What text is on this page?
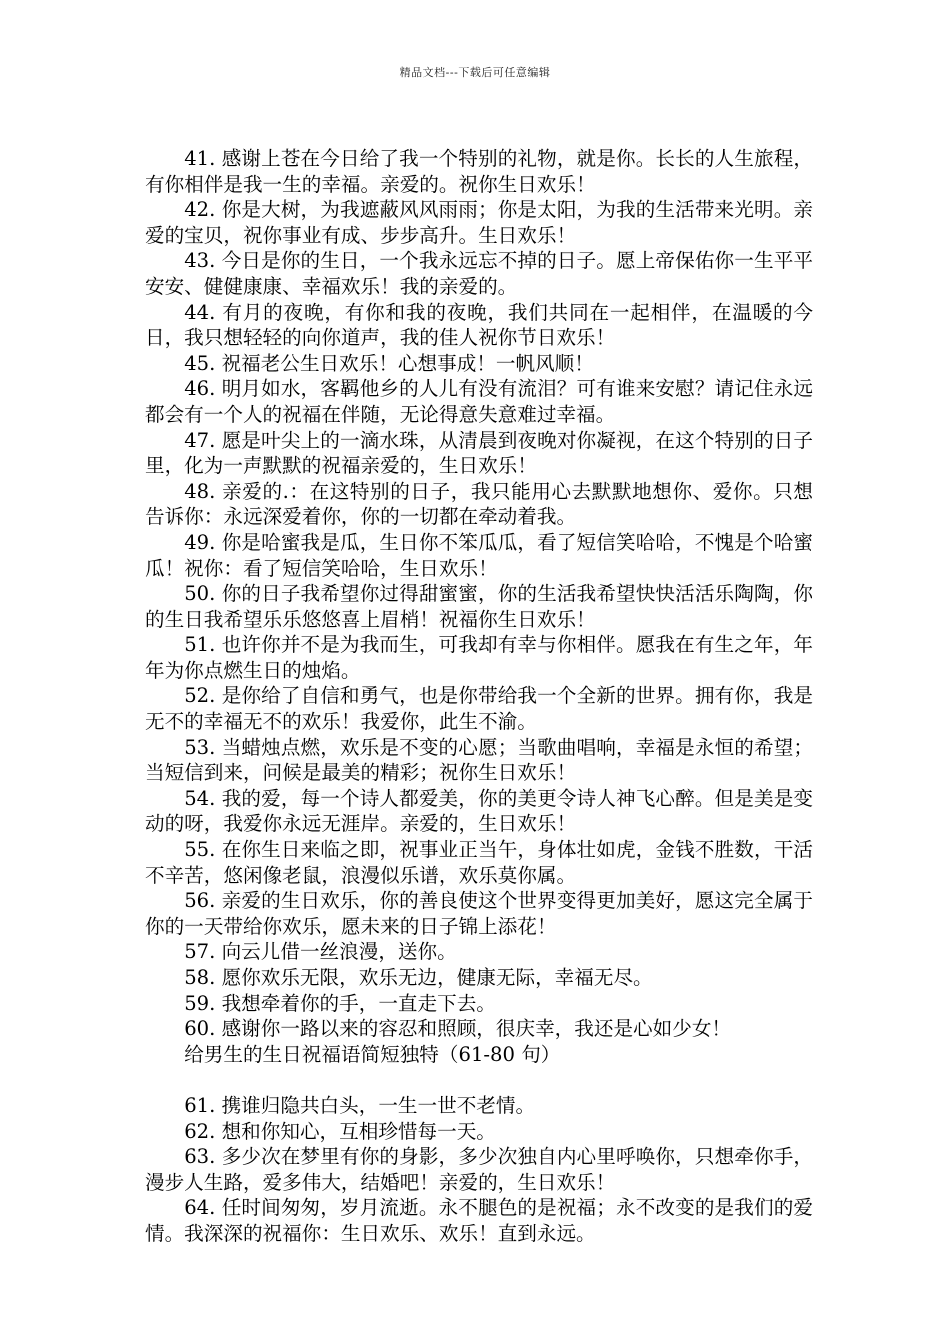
精品文档---下载后可任意编辑

41. 感谢上苍在今日给了我一个特别的礼物，就是你。长长的人生旅程，有你相伴是我一生的幸福。亲爱的。祝你生日欢乐！

42. 你是大树，为我遮蔽风风雨雨；你是太阳，为我的生活带来光明。亲爱的宝贝，祝你事业有成、步步高升。生日欢乐！

43. 今日是你的生日，一个我永远忘不掉的日子。愿上帝保佑你一生平平安安、健健康康、幸福欢乐！我的亲爱的。

44. 有月的夜晚，有你和我的夜晚，我们共同在一起相伴，在温暖的今日，我只想轻轻的向你道声，我的佳人祝你节日欢乐！

45. 祝福老公生日欢乐！心想事成！一帆风顺！

46. 明月如水，客羁他乡的人儿有没有流泪？可有谁来安慰？请记住永远都会有一个人的祝福在伴随，无论得意失意难过幸福。

47. 愿是叶尖上的一滴水珠，从清晨到夜晚对你凝视，在这个特别的日子里，化为一声默默的祝福亲爱的，生日欢乐！

48. 亲爱的.：在这特别的日子，我只能用心去默默地想你、爱你。只想告诉你：永远深爱着你，你的一切都在牵动着我。

49. 你是哈蜜我是瓜，生日你不笨瓜瓜，看了短信笑哈哈，不愧是个哈蜜瓜！祝你：看了短信笑哈哈，生日欢乐！

50. 你的日子我希望你过得甜蜜蜜，你的生活我希望快快活活乐陶陶，你的生日我希望乐乐悠悠喜上眉梢！祝福你生日欢乐！

51. 也许你并不是为我而生，可我却有幸与你相伴。愿我在有生之年，年年为你点燃生日的烛焰。

52. 是你给了自信和勇气，也是你带给我一个全新的世界。拥有你，我是无不的幸福无不的欢乐！我爱你，此生不渝。

53. 当蜡烛点燃，欢乐是不变的心愿；当歌曲唱响，幸福是永恒的希望；当短信到来，问候是最美的精彩；祝你生日欢乐！

54. 我的爱，每一个诗人都爱美，你的美更令诗人神飞心醉。但是美是变动的呀，我爱你永远无涯岸。亲爱的，生日欢乐！

55. 在你生日来临之即，祝事业正当午，身体壮如虎，金钱不胜数，干活不辛苦，悠闲像老鼠，浪漫似乐谱，欢乐莫你属。

56. 亲爱的生日欢乐，你的善良使这个世界变得更加美好，愿这完全属于你的一天带给你欢乐，愿未来的日子锦上添花！

57. 向云儿借一丝浪漫，送你。

58. 愿你欢乐无限，欢乐无边，健康无际，幸福无尽。

59. 我想牵着你的手，一直走下去。

60. 感谢你一路以来的容忍和照顾，很庆幸，我还是心如少女！

给男生的生日祝福语简短独特（61-80 句）

61. 携谁归隐共白头，一生一世不老情。

62. 想和你知心，互相珍惜每一天。

63. 多少次在梦里有你的身影，多少次独自内心里呼唤你，只想牵你手，漫步人生路，爱多伟大，结婚吧！亲爱的，生日欢乐！

64. 任时间匆匆，岁月流逝。永不腿色的是祝福；永不改变的是我们的爱情。我深深的祝福你：生日欢乐、欢乐！直到永远。
